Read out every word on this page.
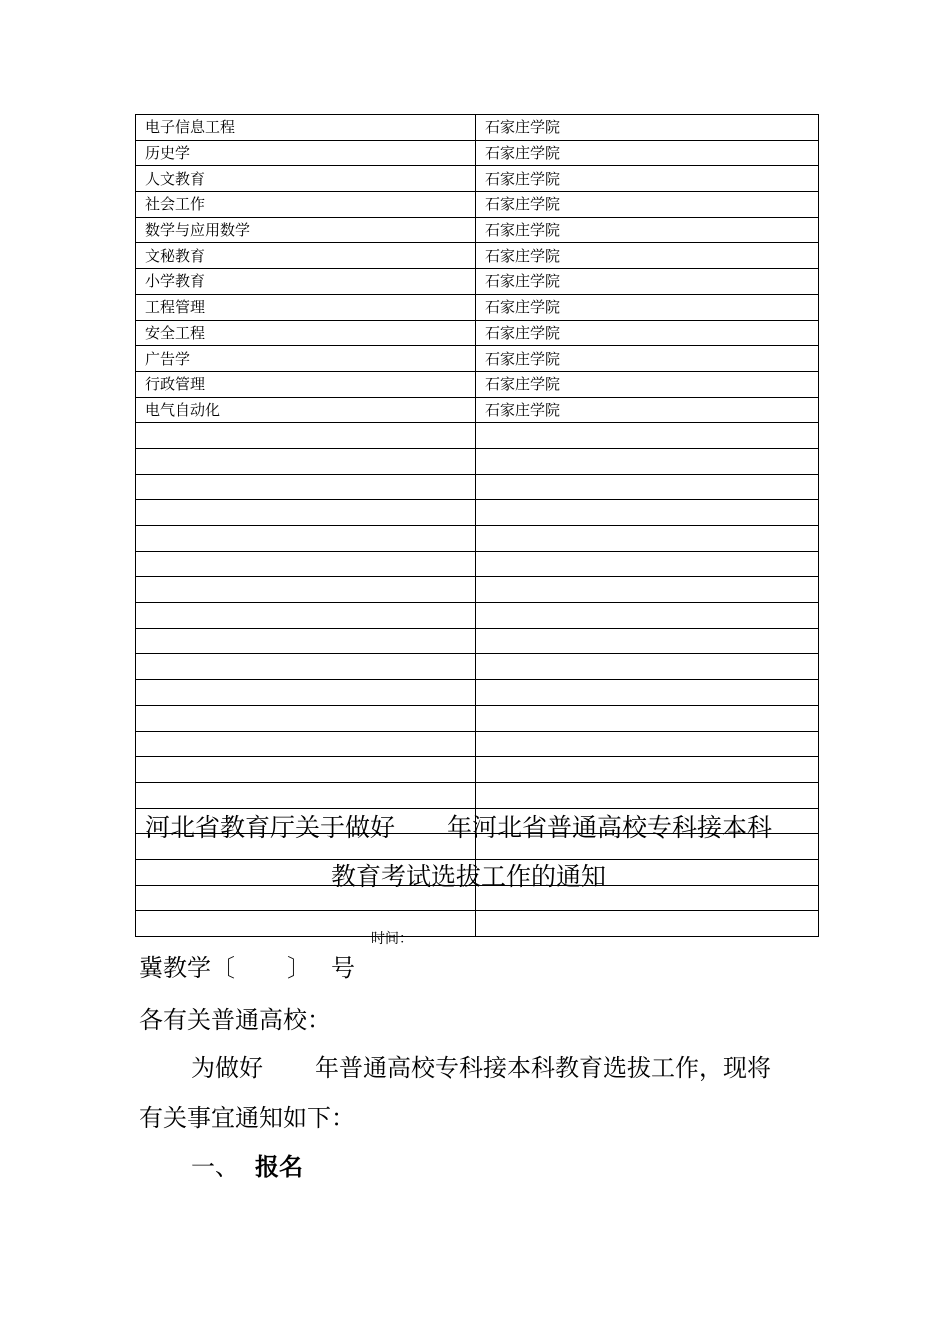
电子信息工程	石家庄学院
历史学	石家庄学院
人文教育	石家庄学院
社会工作	石家庄学院
数学与应用数学	石家庄学院
文秘教育	石家庄学院
小学教育	石家庄学院
工程管理	石家庄学院
安全工程	石家庄学院
广告学	石家庄学院
行政管理	石家庄学院
电气自动化	石家庄学院

河北省教育厅关于做好 年河北省普通高校专科接本科
教育考试选拔工作的通知
时间：
冀教学〔 〕 号
各有关普通高校：
为做好 年普通高校专科接本科教育选拔工作，现将
有关事宜通知如下：
一、 报名
